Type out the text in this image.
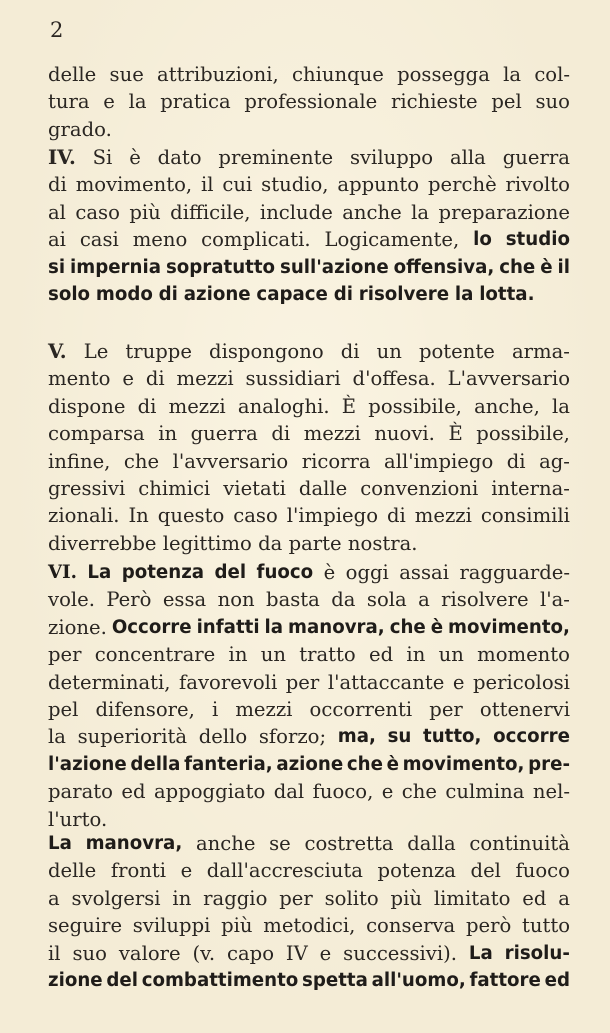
2
delle sue attribuzioni, chiunque possegga la col-
tura e la pratica professionale richieste pel suo
grado.
IV. Si è dato preminente sviluppo alla guerra
di movimento, il cui studio, appunto perchè rivolto
al caso più difficile, include anche la preparazione
ai casi meno complicati. Logicamente, lo studio
si impernia sopratutto sull'azione offensiva, che è il
solo modo di azione capace di risolvere la lotta.
V. Le truppe dispongono di un potente arma-
mento e di mezzi sussidiari d'offesa. L'avversario
dispone di mezzi analoghi. È possibile, anche, la
comparsa in guerra di mezzi nuovi. È possibile,
infine, che l'avversario ricorra all'impiego di ag-
gressivi chimici vietati dalle convenzioni interna-
zionali. In questo caso l'impiego di mezzi consimili
diverrebbe legittimo da parte nostra.
VI. La potenza del fuoco è oggi assai ragguarde-
vole. Però essa non basta da sola a risolvere l'a-
zione. Occorre infatti la manovra, che è movimento,
per concentrare in un tratto ed in un momento
determinati, favorevoli per l'attaccante e pericolosi
pel difensore, i mezzi occorrenti per ottenervi
la superiorità dello sforzo; ma, su tutto, occorre
l'azione della fanteria, azione che è movimento, pre-
parato ed appoggiato dal fuoco, e che culmina nel-
l'urto.
La manovra, anche se costretta dalla continuità
delle fronti e dall'accresciuta potenza del fuoco
a svolgersi in raggio per solito più limitato ed a
seguire sviluppi più metodici, conserva però tutto
il suo valore (v. capo IV e successivi). La risolu-
zione del combattimento spetta all'uomo, fattore ed
